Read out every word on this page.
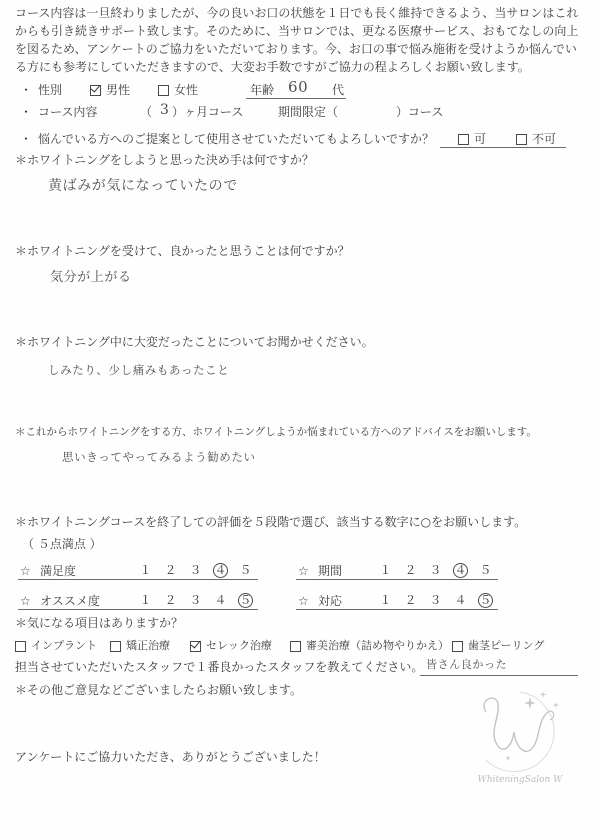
コース内容は一旦終わりましたが、今の良いお口の状態を１日でも長く維持できるよう、当サロンはこれ
からも引き続きサポート致します。そのために、当サロンでは、更なる医療サービス、おもてなしの向上
を図るため、アンケートのご協力をいただいております。今、お口の事で悩み施術を受けようか悩んでい
る方にも参考にしていただきますので、大変お手数ですがご協力の程よろしくお願い致します。
・ 性別	男性	女性	年齢 60 代
・ コース内容	（ 3 ）ヶ月コース	期間限定（	）コース
・ 悩んでいる方へのご提案として使用させていただいてもよろしいですか？	可	不可
＊ホワイトニングをしようと思った決め手は何ですか？
黄ばみが気になっていたので
＊ホワイトニングを受けて、良かったと思うことは何ですか？
気分が上がる
＊ホワイトニング中に大変だったことについてお聞かせください。
しみたり、少し痛みもあったこと
＊これからホワイトニングをする方、ホワイトニングしようか悩まれている方へのアドバイスをお願いします。
思いきってやってみるよう勧めたい
＊ホワイトニングコースを終了しての評価を５段階で選び、該当する数字に○をお願いします。
（ ５点満点 ）
☆ 満足度	１	２	３	４	５	☆ 期間	１	２	３	４	５
☆ オススメ度	１	２	３	４	５	☆ 対応	１	２	３	４	５
＊気になる項目はありますか？
インプラント	矯正治療	セレック治療	審美治療（詰め物やりかえ） 歯茎ピーリング
担当させていただいたスタッフで１番良かったスタッフを教えてください。 皆さん良かった
＊その他ご意見などございましたらお願い致します。
WhiteningSalon W
アンケートにご協力いただき、ありがとうございました！
